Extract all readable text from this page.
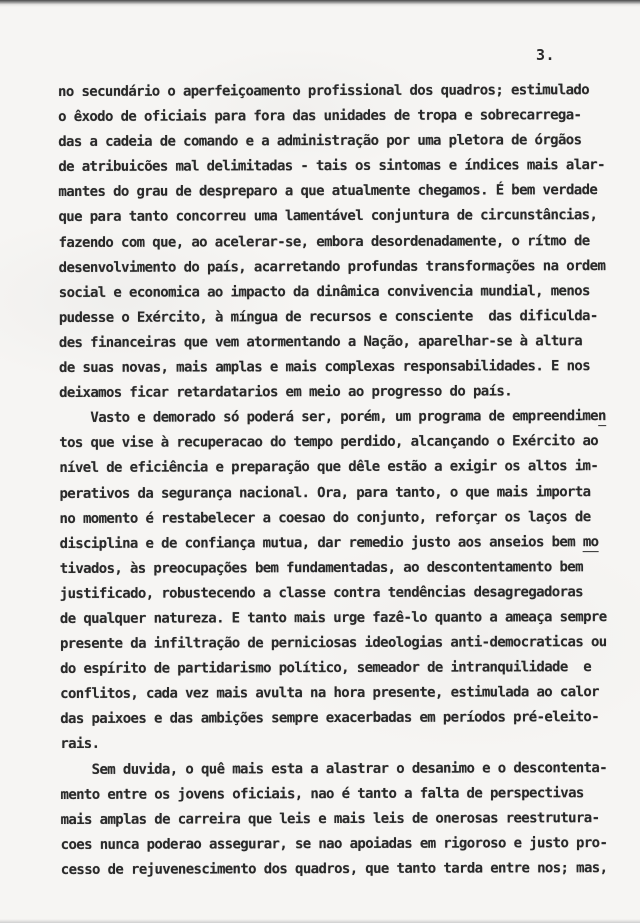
3.
no secundário o aperfeiçoamento profissional dos quadros; estimulado
o êxodo de oficiais para fora das unidades de tropa e sobrecarrega-
das a cadeia de comando e a administração por uma pletora de órgãos
de atribuicões mal delimitadas - tais os sintomas e índices mais alar-
mantes do grau de despreparo a que atualmente chegamos. É bem verdade
que para tanto concorreu uma lamentável conjuntura de circunstâncias,
fazendo com que, ao acelerar-se, embora desordenadamente, o rítmo de
desenvolvimento do país, acarretando profundas transformações na ordem
social e economica ao impacto da dinâmica convivencia mundial, menos
pudesse o Exército, à míngua de recursos e consciente  das dificulda-
des financeiras que vem atormentando a Nação, aparelhar-se à altura
de suas novas, mais amplas e mais complexas responsabilidades. E nos
deixamos ficar retardatarios em meio ao progresso do país.
Vasto e demorado só poderá ser, porém, um programa de empreendimen
tos que vise à recuperacao do tempo perdido, alcançando o Exército ao
nível de eficiência e preparação que dêle estão a exigir os altos im-
perativos da segurança nacional. Ora, para tanto, o que mais importa
no momento é restabelecer a coesao do conjunto, reforçar os laços de
disciplina e de confiança mutua, dar remedio justo aos anseios bem mo
tivados, às preocupações bem fundamentadas, ao descontentamento bem
justificado, robustecendo a classe contra tendências desagregadoras
de qualquer natureza. E tanto mais urge fazê-lo quanto a ameaça sempre
presente da infiltração de perniciosas ideologias anti-democraticas ou
do espírito de partidarismo político, semeador de intranquilidade  e
conflitos, cada vez mais avulta na hora presente, estimulada ao calor
das paixoes e das ambições sempre exacerbadas em períodos pré-eleito-
rais.
Sem duvida, o quê mais esta a alastrar o desanimo e o descontenta-
mento entre os jovens oficiais, nao é tanto a falta de perspectivas
mais amplas de carreira que leis e mais leis de onerosas reestrutura-
coes nunca poderao assegurar, se nao apoiadas em rigoroso e justo pro-
cesso de rejuvenescimento dos quadros, que tanto tarda entre nos; mas,
